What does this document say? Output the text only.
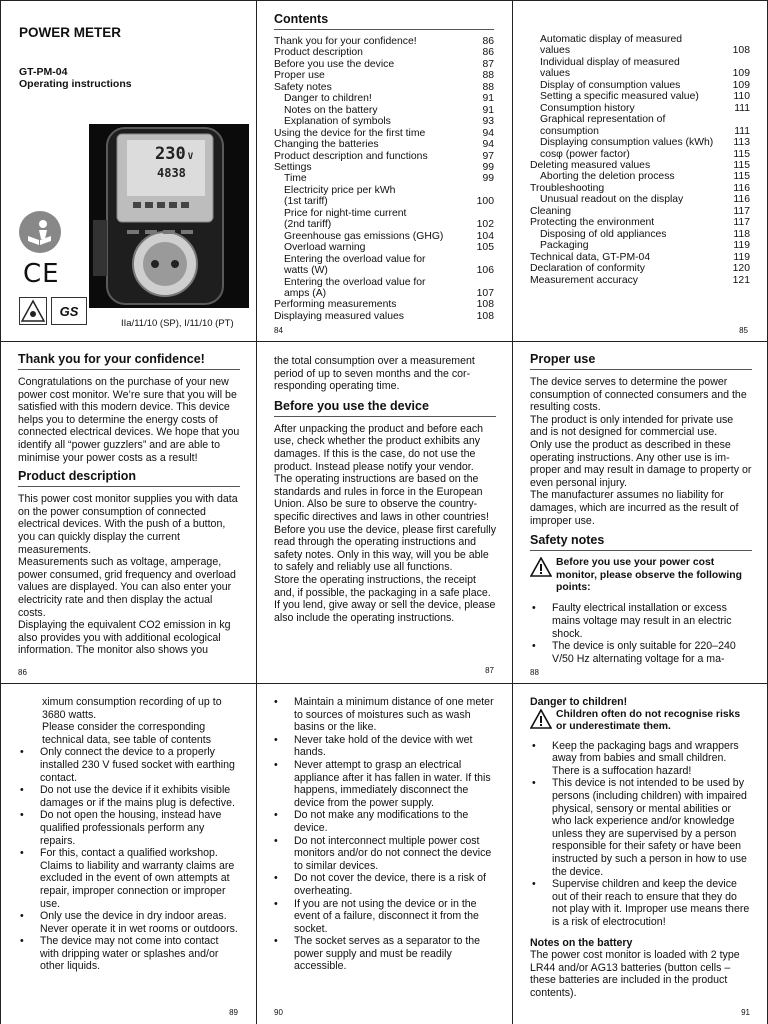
POWER METER
GT-PM-04
Operating instructions
CE
GS
230 V
4838
IIa/11/10 (SP), I/11/10 (PT)
Contents
Thank you for your confidence!	86
Product description	86
Before you use the device	87
Proper use	88
Safety notes	88
Danger to children!	91
Notes on the battery	91
Explanation of symbols	93
Using the device for the first time	94
Changing the batteries	94
Product description and functions	97
Settings	99
Time	99
Electricity price per kWh
(1st tariff)	100
Price for night-time current
(2nd tariff)	102
Greenhouse gas emissions (GHG)	104
Overload warning	105
Entering the overload value for
watts (W)	106
Entering the overload value for
amps (A)	107
Performing measurements	108
Displaying measured values	108
84
Automatic display of measured
values	108
Individual display of measured
values	109
Display of consumption values	109
Setting a specific measured value)	110
Consumption history	111
Graphical representation of
consumption	111
Displaying consumption values (kWh)	113
cosφ (power factor)	115
Deleting measured values	115
Aborting the deletion process	115
Troubleshooting	116
Unusual readout on the display	116
Cleaning	117
Protecting the environment	117
Disposing of old appliances	118
Packaging	119
Technical data, GT-PM-04	119
Declaration of conformity	120
Measurement accuracy	121
85
Thank you for your confidence!
Congratulations on the purchase of your new power cost monitor. We’re sure that you will be satisfied with this modern device. This device helps you to determine the energy costs of connected electrical devices. We hope that you identify all “power guzzlers” and are able to minimise your power costs as a result!
Product description
This power cost monitor supplies you with data on the power consumption of connected electrical devices. With the push of a button, you can quickly display the current measurements.
Measurements such as voltage, amperage, power consumed, grid frequency and overload values are displayed. You can also enter your electricity rate and then display the actual costs.
Displaying the equivalent CO2 emission in kg also provides you with additional ecological information. The monitor also shows you
86
the total consumption over a measurement period of up to seven months and the corresponding operating time.
Before you use the device
After unpacking the product and before each use, check whether the product exhibits any damages. If this is the case, do not use the product. Instead please notify your vendor.
The operating instructions are based on the standards and rules in force in the European Union. Also be sure to observe the country-specific directives and laws in other countries!
Before you use the device, please first carefully read through the operating instructions and safety notes. Only in this way, will you be able to safely and reliably use all functions.
Store the operating instructions, the receipt and, if possible, the packaging in a safe place.
If you lend, give away or sell the device, please also include the operating instructions.
87
Proper use
The device serves to determine the power consumption of connected consumers and the resulting costs.
The product is only intended for private use and is not designed for commercial use.
Only use the product as described in these operating instructions. Any other use is improper and may result in damage to property or even personal injury.
The manufacturer assumes no liability for damages, which are incurred as the result of improper use.
Safety notes
Before you use your power cost monitor, please observe the following points:
•	Faulty electrical installation or excess mains voltage may result in an electric shock.
•	The device is only suitable for 220–240 V/50 Hz alternating voltage for a ma-
88
ximum consumption recording of up to 3680 watts.
Please consider the corresponding technical data, see table of contents
•	Only connect the device to a properly installed 230 V fused socket with earthing contact.
•	Do not use the device if it exhibits visible damages or if the mains plug is defective.
•	Do not open the housing, instead have qualified professionals perform any repairs.
•	For this, contact a qualified workshop. Claims to liability and warranty claims are excluded in the event of own attempts at repair, improper connection or improper use.
•	Only use the device in dry indoor areas. Never operate it in wet rooms or outdoors.
•	The device may not come into contact with dripping water or splashes and/or other liquids.
89
•	Maintain a minimum distance of one meter to sources of moistures such as wash basins or the like.
•	Never take hold of the device with wet hands.
•	Never attempt to grasp an electrical appliance after it has fallen in water. If this happens, immediately disconnect the device from the power supply.
•	Do not make any modifications to the device.
•	Do not interconnect multiple power cost monitors and/or do not connect the device to similar devices.
•	Do not cover the device, there is a risk of overheating.
•	If you are not using the device or in the event of a failure, disconnect it from the socket.
•	The socket serves as a separator to the power supply and must be readily accessible.
90
Danger to children!
Children often do not recognise risks or underestimate them.
•	Keep the packaging bags and wrappers away from babies and small children. There is a suffocation hazard!
•	This device is not intended to be used by persons (including children) with impaired physical, sensory or mental abilities or who lack experience and/or knowledge unless they are supervised by a person responsible for their safety or have been instructed by such a person in how to use the device.
•	Supervise children and keep the device out of their reach to ensure that they do not play with it. Improper use means there is a risk of electrocution!
Notes on the battery
The power cost monitor is loaded with 2 type LR44 and/or AG13 batteries (button cells – these batteries are included in the product contents).
91
